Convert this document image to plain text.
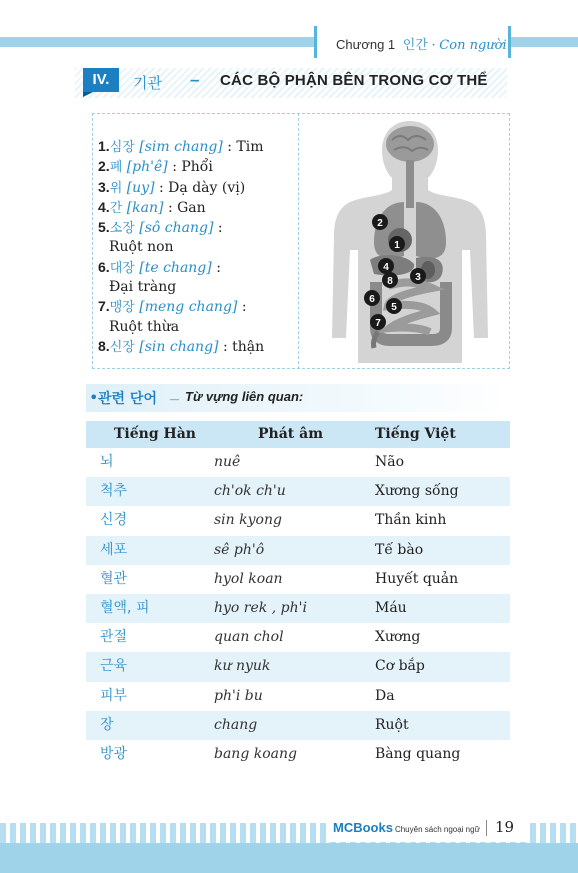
Chương 1 인간 · Con người
IV.	기관 – CÁC BỘ PHẬN BÊN TRONG CƠ THỂ
1.심장 [sim chang] : Tim
2.폐 [ph'ê] : Phổi
3.위 [uy] : Dạ dày (vị)
4.간 [kan] : Gan
5.소장 [sô chang] :
Ruột non
6.대장 [te chang] :
Đại tràng
7.맹장 [meng chang] :
Ruột thừa
8.신장 [sin chang] : thận
1
2
3
4
5
6
7
8
• 관련 단어 _ Từ vựng liên quan:
Tiếng Hàn	Phát âm	Tiếng Việt
뇌	nuê	Não
척추	ch'ok ch'u	Xương sống
신경	sin kyong	Thần kinh
세포	sê ph'ô	Tế bào
혈관	hyol koan	Huyết quản
혈액, 피	hyo rek , ph'i	Máu
관절	quan chol	Xương
근육	kư nyuk	Cơ bắp
피부	ph'i bu	Da
장	chang	Ruột
방광	bang koang	Bàng quang
MCBooks Chuyên sách ngoại ngữ 19
